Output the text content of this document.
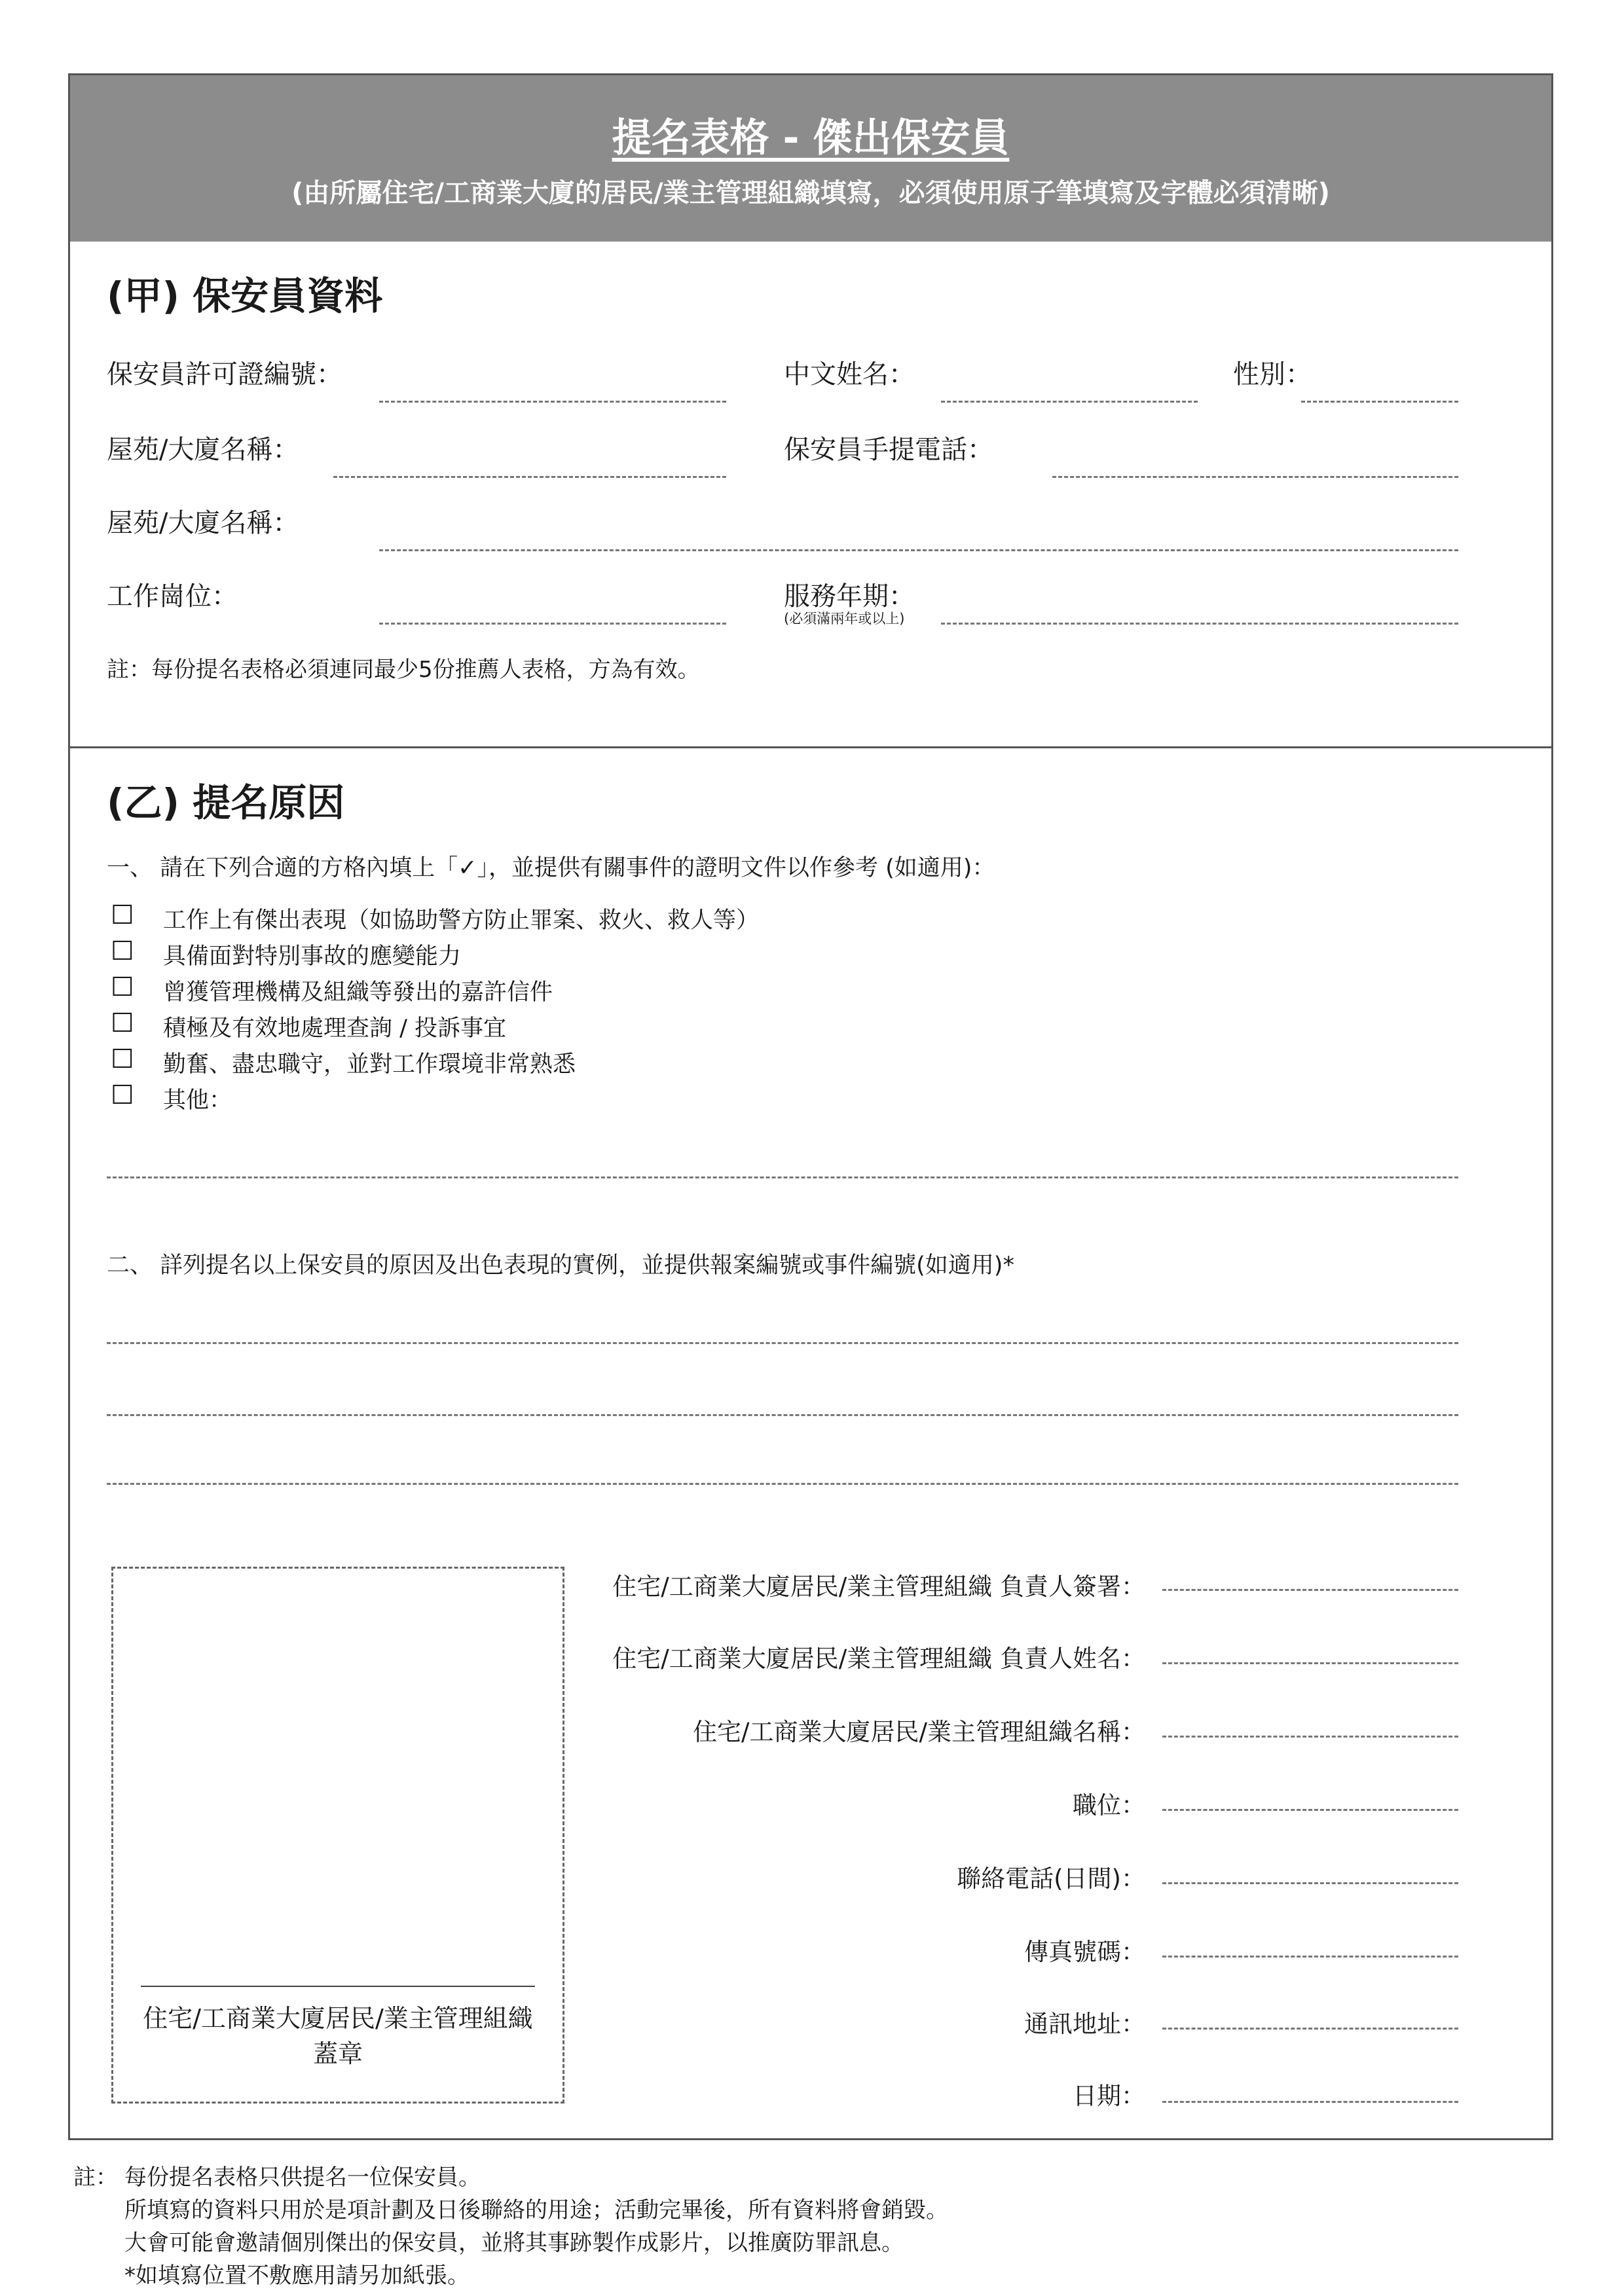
提名表格 - 傑出保安員
(由所屬住宅/工商業大廈的居民/業主管理組織填寫，必須使用原子筆填寫及字體必須清晰)
(甲) 保安員資料
保安員許可證編號：	中文姓名：	性別：
屋苑/大廈名稱：	保安員手提電話：
屋苑/大廈名稱：
工作崗位：	服務年期：
(必須滿兩年或以上)
註：每份提名表格必須連同最少5份推薦人表格，方為有效。
(乙) 提名原因
一、 請在下列合適的方格內填上「✓」，並提供有關事件的證明文件以作參考 (如適用)：
☐ 工作上有傑出表現（如協助警方防止罪案、救火、救人等）
☐ 具備面對特別事故的應變能力
☐ 曾獲管理機構及組織等發出的嘉許信件
☐ 積極及有效地處理查詢 / 投訴事宜
☐ 勤奮、盡忠職守，並對工作環境非常熟悉
☐ 其他：
二、 詳列提名以上保安員的原因及出色表現的實例，並提供報案編號或事件編號(如適用)*
住宅/工商業大廈居民/業主管理組織
蓋章
住宅/工商業大廈居民/業主管理組織 負責人簽署：
住宅/工商業大廈居民/業主管理組織 負責人姓名：
住宅/工商業大廈居民/業主管理組織名稱：
職位：
聯絡電話(日間)：
傳真號碼：
通訊地址：
日期：
註： 每份提名表格只供提名一位保安員。
所填寫的資料只用於是項計劃及日後聯絡的用途；活動完畢後，所有資料將會銷毀。
大會可能會邀請個別傑出的保安員，並將其事跡製作成影片，以推廣防罪訊息。
*如填寫位置不敷應用請另加紙張。
